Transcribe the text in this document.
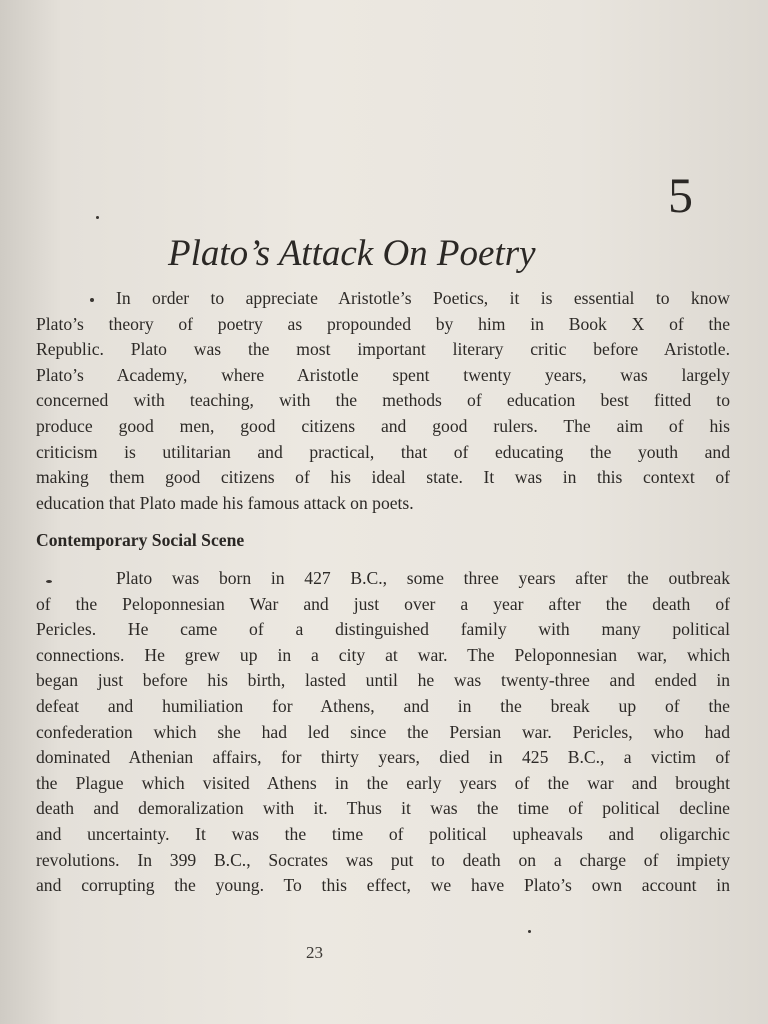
5
Plato’s Attack On Poetry
In order to appreciate Aristotle’s Poetics, it is essential to know
Plato’s theory of poetry as propounded by him in Book X of the
Republic. Plato was the most important literary critic before Aristotle.
Plato’s Academy, where Aristotle spent twenty years, was largely
concerned with teaching, with the methods of education best fitted to
produce good men, good citizens and good rulers. The aim of his
criticism is utilitarian and practical, that of educating the youth and
making them good citizens of his ideal state. It was in this context of
education that Plato made his famous attack on poets.
Contemporary Social Scene
Plato was born in 427 B.C., some three years after the outbreak
of the Peloponnesian War and just over a year after the death of
Pericles. He came of a distinguished family with many political
connections. He grew up in a city at war. The Peloponnesian war, which
began just before his birth, lasted until he was twenty-three and ended in
defeat and humiliation for Athens, and in the break up of the
confederation which she had led since the Persian war. Pericles, who had
dominated Athenian affairs, for thirty years, died in 425 B.C., a victim of
the Plague which visited Athens in the early years of the war and brought
death and demoralization with it. Thus it was the time of political decline
and uncertainty. It was the time of political upheavals and oligarchic
revolutions. In 399 B.C., Socrates was put to death on a charge of impiety
and corrupting the young. To this effect, we have Plato’s own account in
23
